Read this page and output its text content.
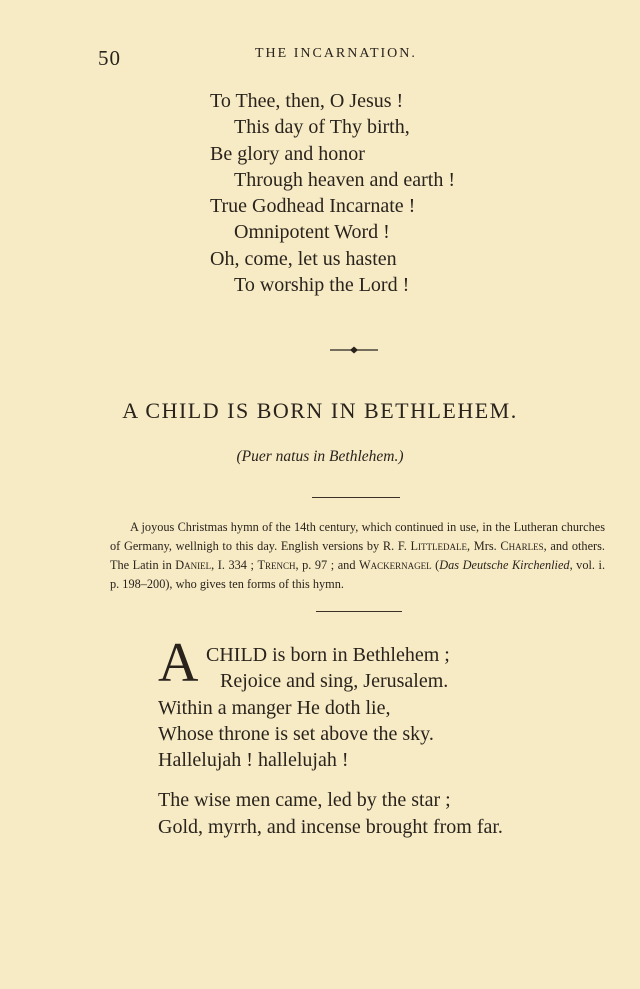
50	THE INCARNATION.
To Thee, then, O Jesus !
This day of Thy birth,
Be glory and honor
Through heaven and earth !
True Godhead Incarnate !
Omnipotent Word !
Oh, come, let us hasten
To worship the Lord !
A CHILD IS BORN IN BETHLEHEM.
(Puer natus in Bethlehem.)

A joyous Christmas hymn of the 14th century, which continued in use, in the Lutheran churches of Germany, wellnigh to this day. English versions by R. F. Littledale, Mrs. Charles, and others. The Latin in Daniel, I. 334 ; Trench, p. 97 ; and Wackernagel (Das Deutsche Kirchenlied, vol. i. p. 198–200), who gives ten forms of this hymn.

A CHILD is born in Bethlehem ;
Rejoice and sing, Jerusalem.
Within a manger He doth lie,
Whose throne is set above the sky.
Hallelujah ! hallelujah !
The wise men came, led by the star ;
Gold, myrrh, and incense brought from far.
